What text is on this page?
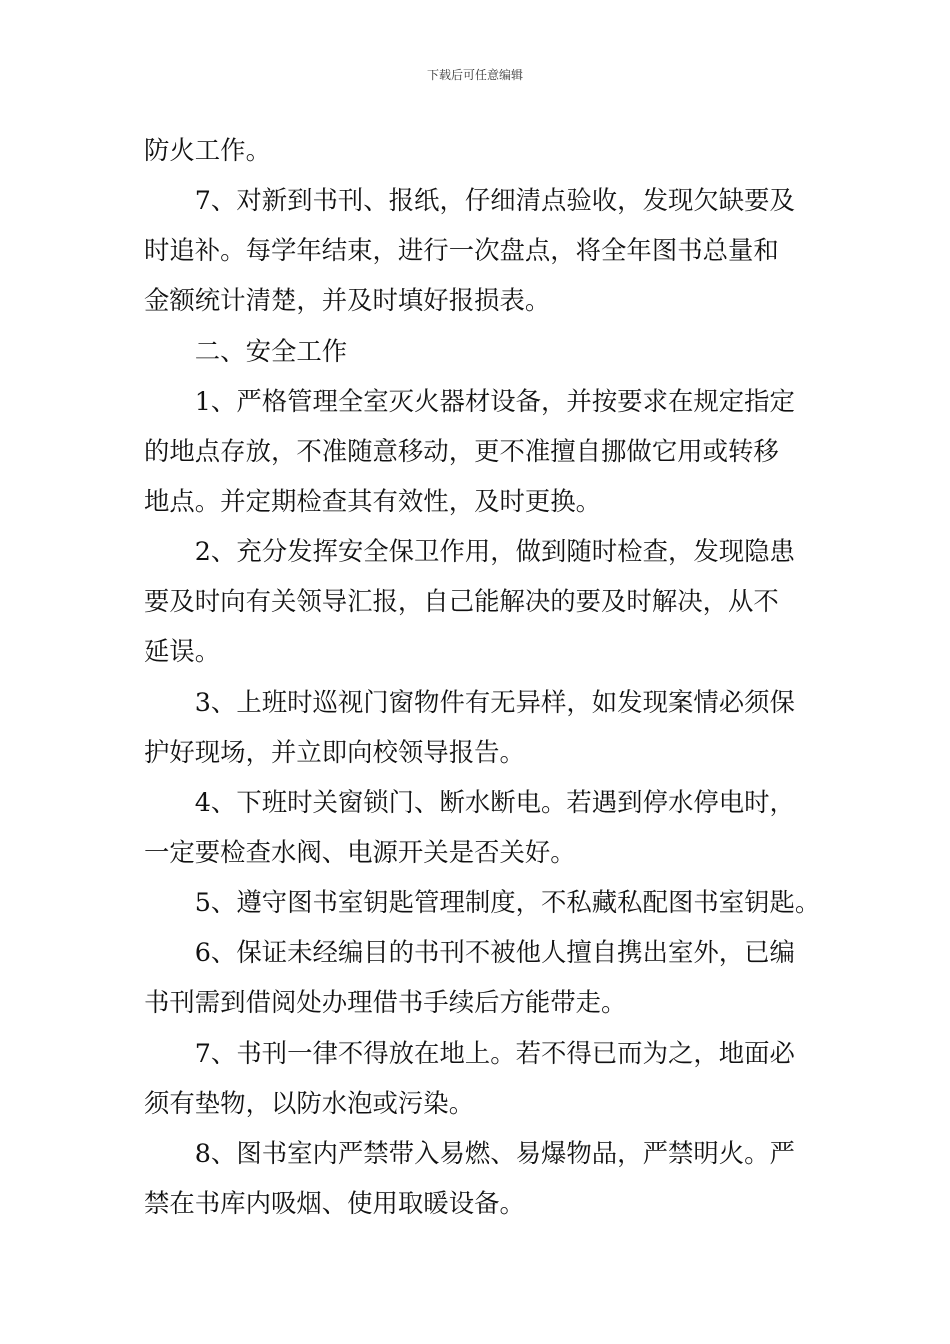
下载后可任意编辑
防火工作。
　　7、对新到书刊、报纸，仔细清点验收，发现欠缺要及
时追补。每学年结束，进行一次盘点，将全年图书总量和
金额统计清楚，并及时填好报损表。
　　二、安全工作
　　1、严格管理全室灭火器材设备，并按要求在规定指定
的地点存放，不准随意移动，更不准擅自挪做它用或转移
地点。并定期检查其有效性，及时更换。
　　2、充分发挥安全保卫作用，做到随时检查，发现隐患
要及时向有关领导汇报，自己能解决的要及时解决，从不
延误。
　　3、上班时巡视门窗物件有无异样，如发现案情必须保
护好现场，并立即向校领导报告。
　　4、下班时关窗锁门、断水断电。若遇到停水停电时，
一定要检查水阀、电源开关是否关好。
　　5、遵守图书室钥匙管理制度，不私藏私配图书室钥匙。
　　6、保证未经编目的书刊不被他人擅自携出室外，已编
书刊需到借阅处办理借书手续后方能带走。
　　7、书刊一律不得放在地上。若不得已而为之，地面必
须有垫物，以防水泡或污染。
　　8、图书室内严禁带入易燃、易爆物品，严禁明火。严
禁在书库内吸烟、使用取暖设备。
